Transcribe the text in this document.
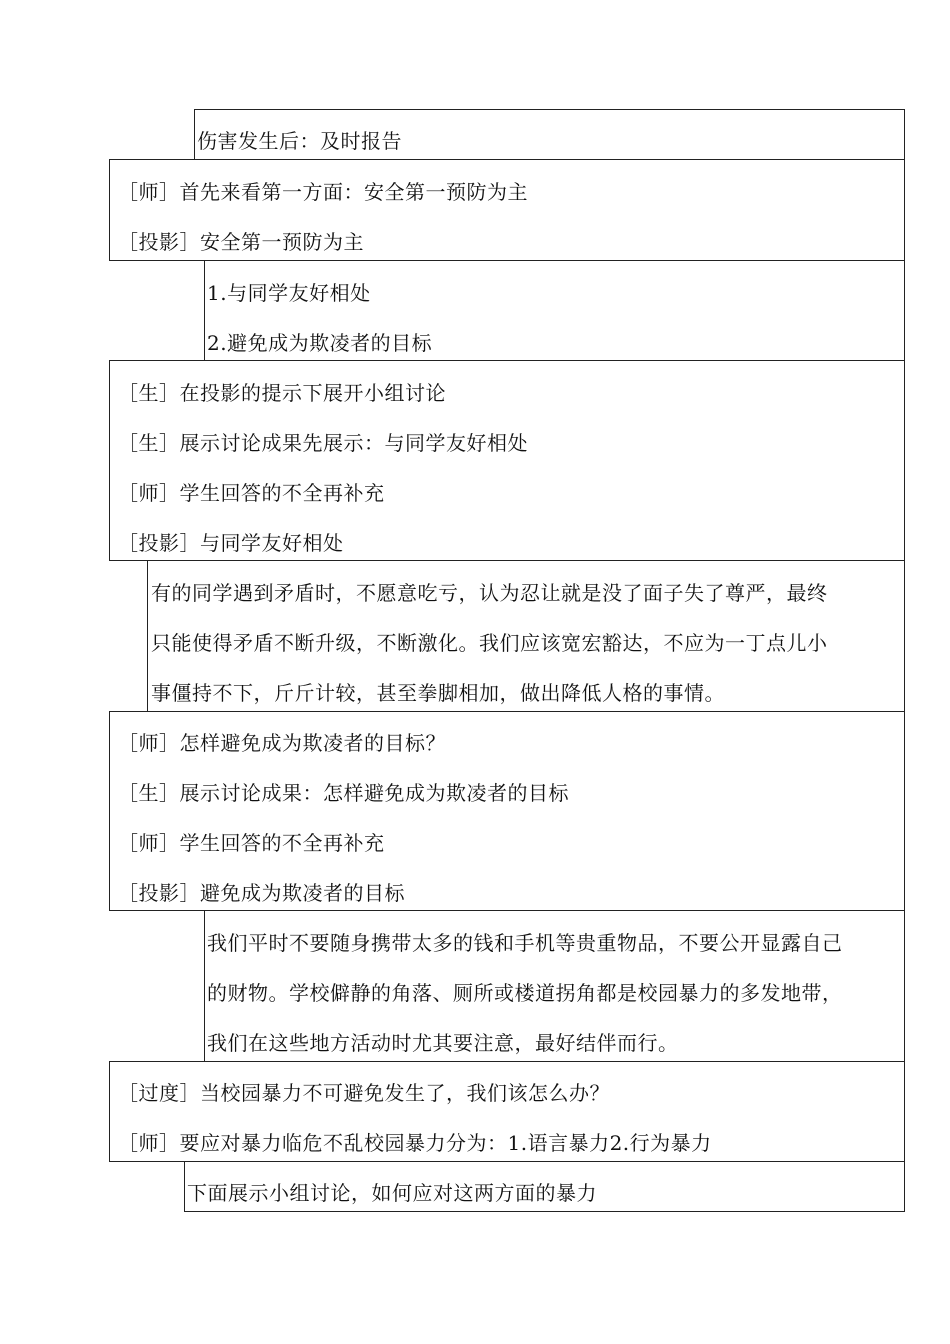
伤害发生后：及时报告
［师］首先来看第一方面：安全第一预防为主
［投影］安全第一预防为主
1.与同学友好相处
2.避免成为欺凌者的目标
［生］在投影的提示下展开小组讨论
［生］展示讨论成果先展示：与同学友好相处
［师］学生回答的不全再补充
［投影］与同学友好相处
有的同学遇到矛盾时，不愿意吃亏，认为忍让就是没了面子失了尊严，最终
只能使得矛盾不断升级，不断激化。我们应该宽宏豁达，不应为一丁点儿小
事僵持不下，斤斤计较，甚至拳脚相加，做出降低人格的事情。
［师］怎样避免成为欺凌者的目标？
［生］展示讨论成果：怎样避免成为欺凌者的目标
［师］学生回答的不全再补充
［投影］避免成为欺凌者的目标
我们平时不要随身携带太多的钱和手机等贵重物品，不要公开显露自己
的财物。学校僻静的角落、厕所或楼道拐角都是校园暴力的多发地带，
我们在这些地方活动时尤其要注意，最好结伴而行。
［过度］当校园暴力不可避免发生了，我们该怎么办？
［师］要应对暴力临危不乱校园暴力分为：1.语言暴力2.行为暴力
下面展示小组讨论，如何应对这两方面的暴力
